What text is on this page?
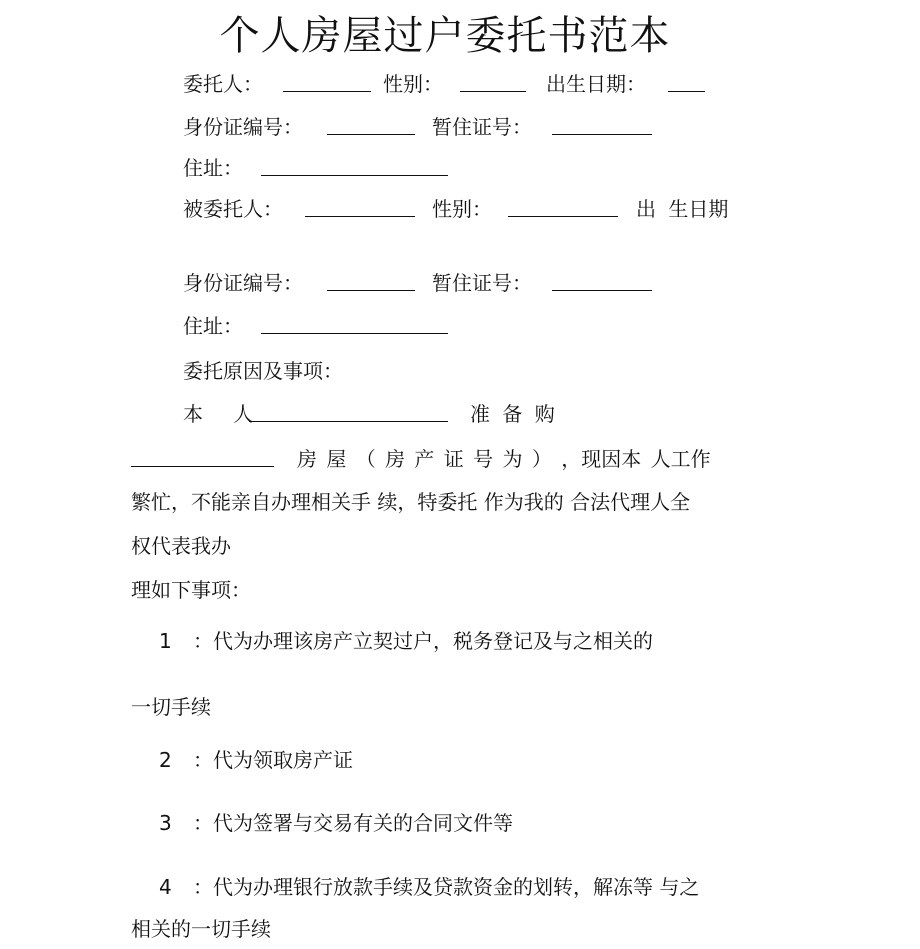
个人房屋过户委托书范本
委托人：	性别：	出生日期：
身份证编号：	暂住证号：
住址：
被委托人：	性别：	出 生日期
身份证编号：	暂住证号：
住址：
委托原因及事项：
本 人	准 备 购
房 屋 （ 房 产 证 号 为 ） ，现因本 人工作
繁忙，不能亲自办理相关手 续，特委托 作为我的 合法代理人全
权代表我办
理如下事项：
1 ：代为办理该房产立契过户，税务登记及与之相关的
一切手续
2 ：代为领取房产证
3 ：代为签署与交易有关的合同文件等
4 ：代为办理银行放款手续及贷款资金的划转，解冻等 与之
相关的一切手续
